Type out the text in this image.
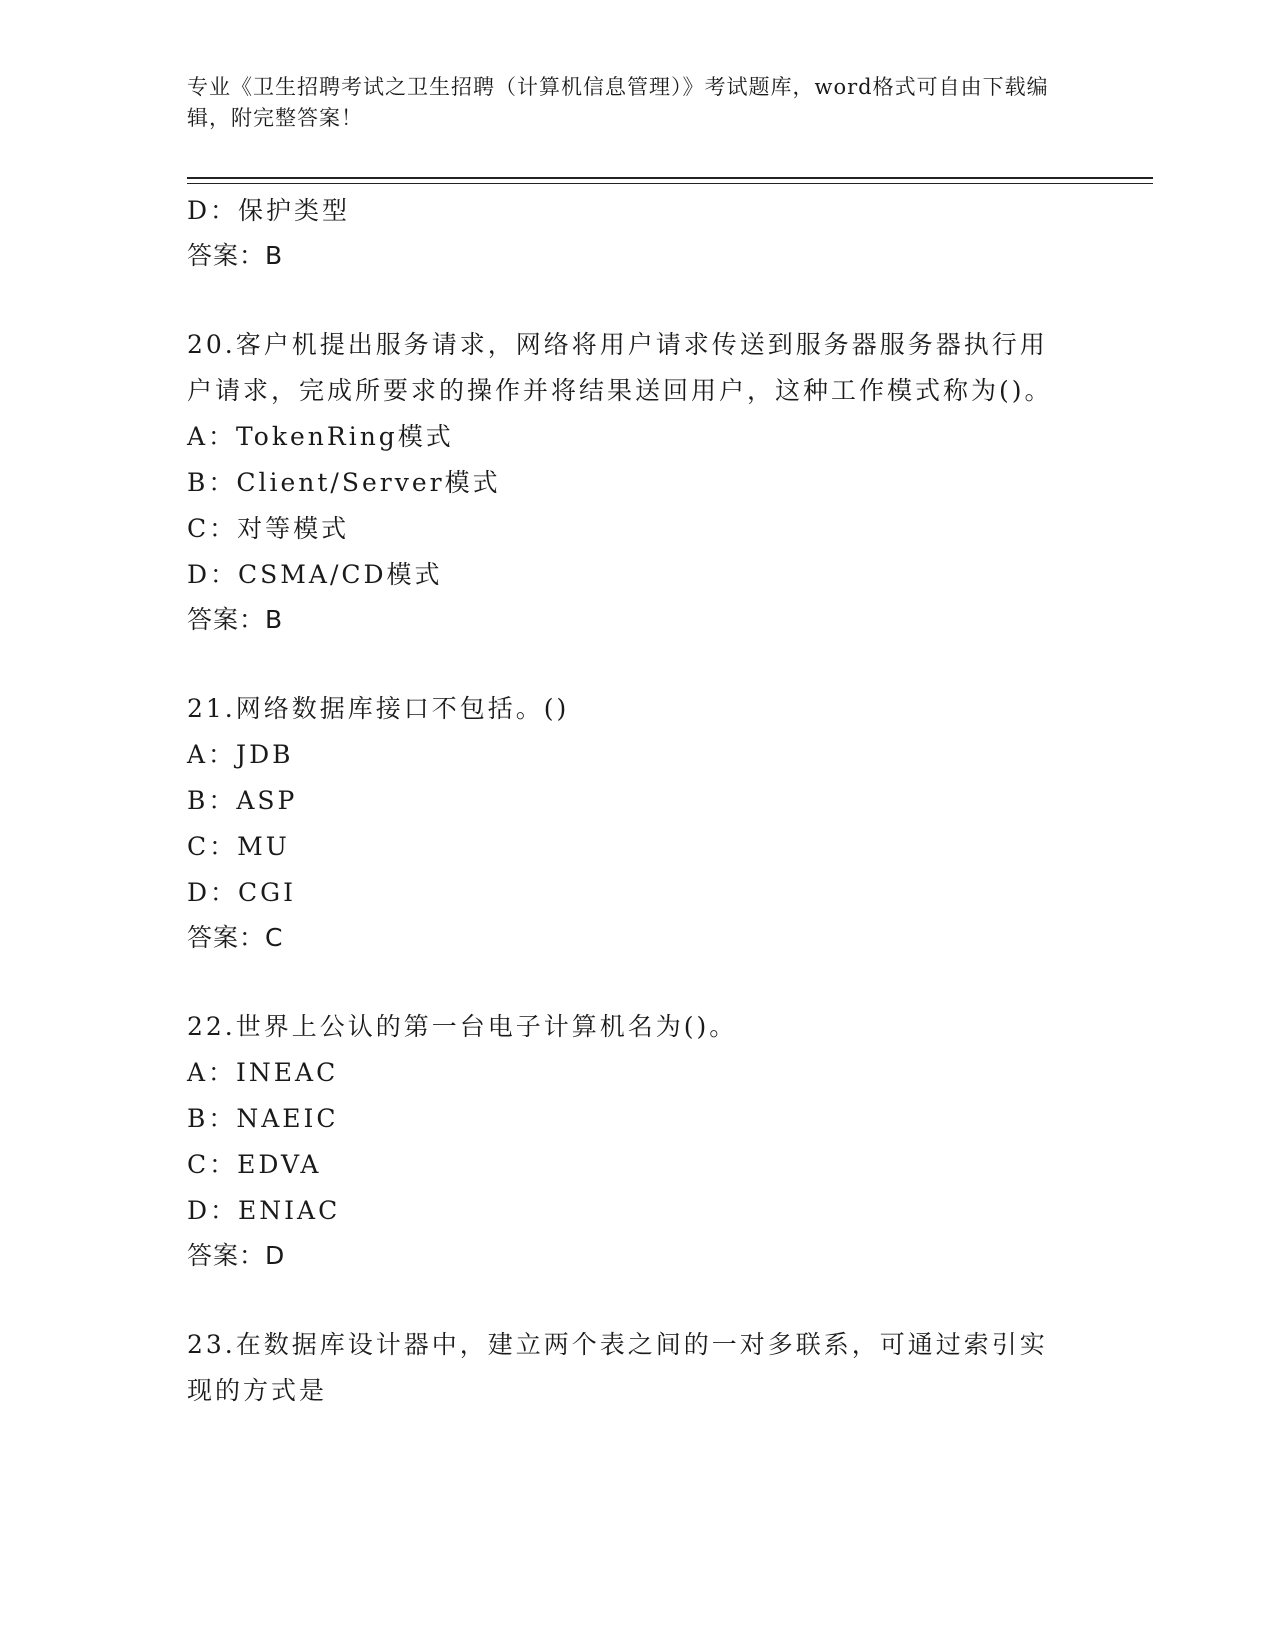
专业《卫生招聘考试之卫生招聘（计算机信息管理）》考试题库，word格式可自由下载编辑，附完整答案！
D：保护类型
答案：B
20.客户机提出服务请求，网络将用户请求传送到服务器服务器执行用户请求，完成所要求的操作并将结果送回用户，这种工作模式称为()。
A：TokenRing模式
B：Client/Server模式
C：对等模式
D：CSMA/CD模式
答案：B
21.网络数据库接口不包括。()
A：JDB
B：ASP
C：MU
D：CGI
答案：C
22.世界上公认的第一台电子计算机名为()。
A：INEAC
B：NAEIC
C：EDVA
D：ENIAC
答案：D
23.在数据库设计器中，建立两个表之间的一对多联系，可通过索引实现的方式是
